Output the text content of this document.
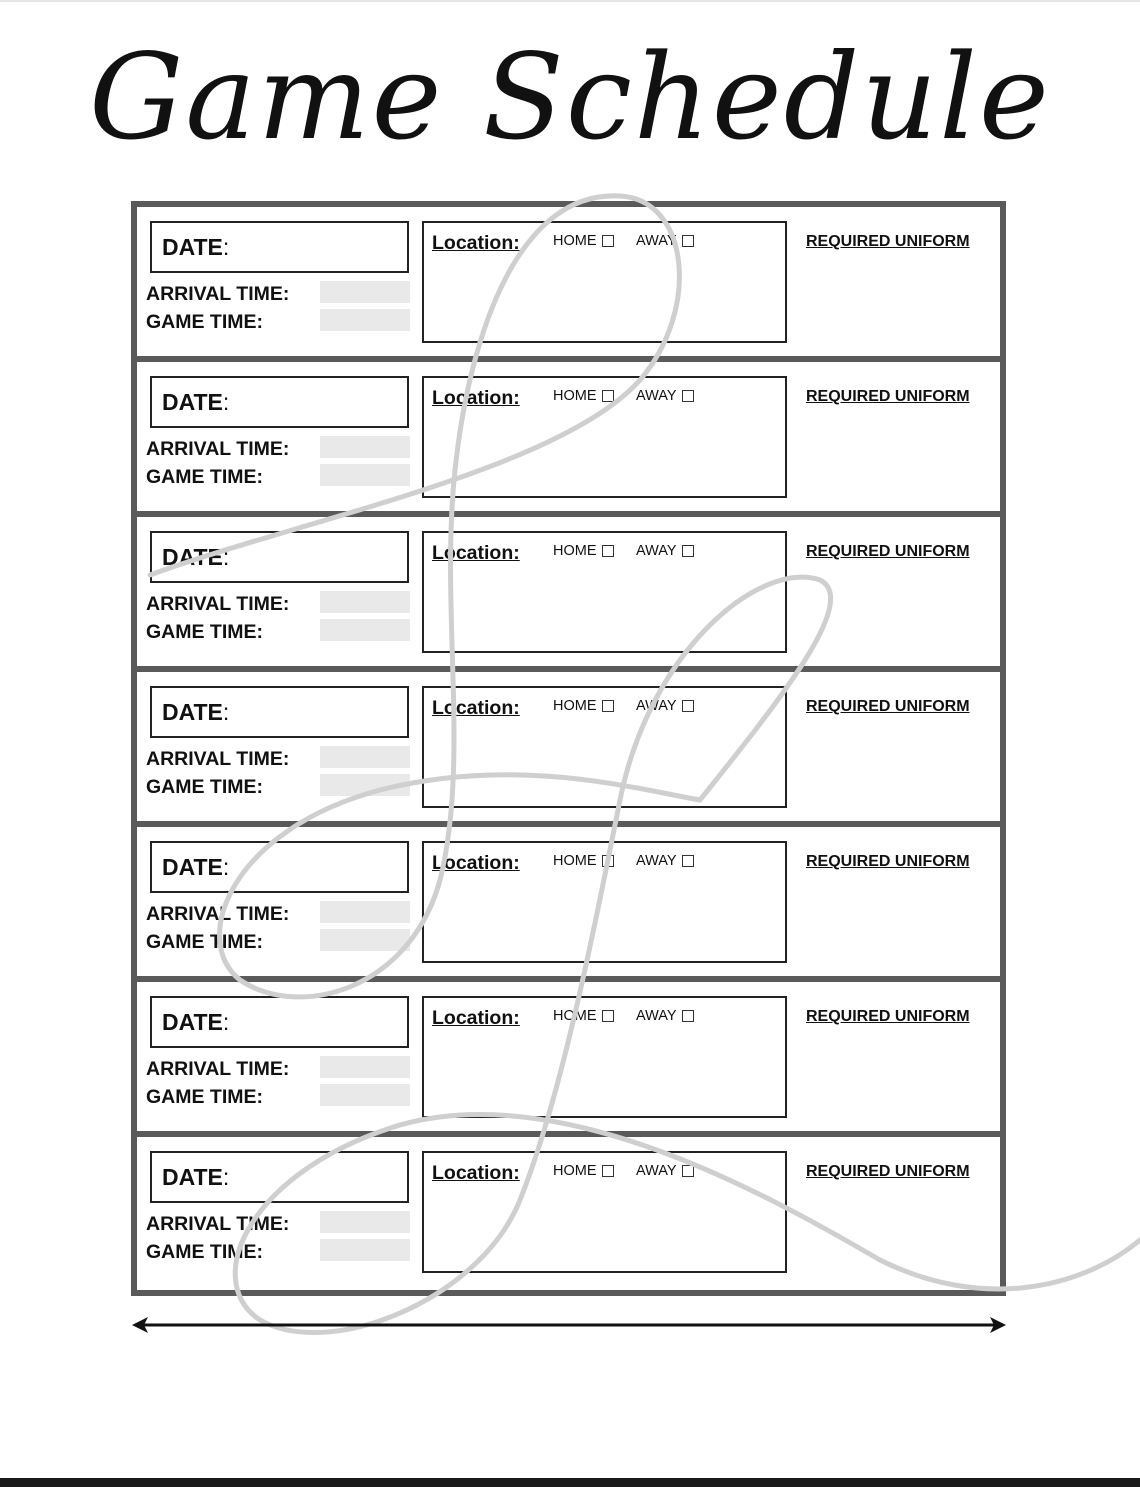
Game Schedule
DATE:
ARRIVAL TIME:
GAME TIME:
Location: HOME	AWAY	REQUIRED UNIFORM
DATE:
ARRIVAL TIME:
GAME TIME:
Location: HOME	AWAY	REQUIRED UNIFORM
DATE:
ARRIVAL TIME:
GAME TIME:
Location: HOME	AWAY	REQUIRED UNIFORM
DATE:
ARRIVAL TIME:
GAME TIME:
Location: HOME	AWAY	REQUIRED UNIFORM
DATE:
ARRIVAL TIME:
GAME TIME:
Location: HOME	AWAY	REQUIRED UNIFORM
DATE:
ARRIVAL TIME:
GAME TIME:
Location: HOME	AWAY	REQUIRED UNIFORM
DATE:
ARRIVAL TIME:
GAME TIME:
Location: HOME	AWAY	REQUIRED UNIFORM
